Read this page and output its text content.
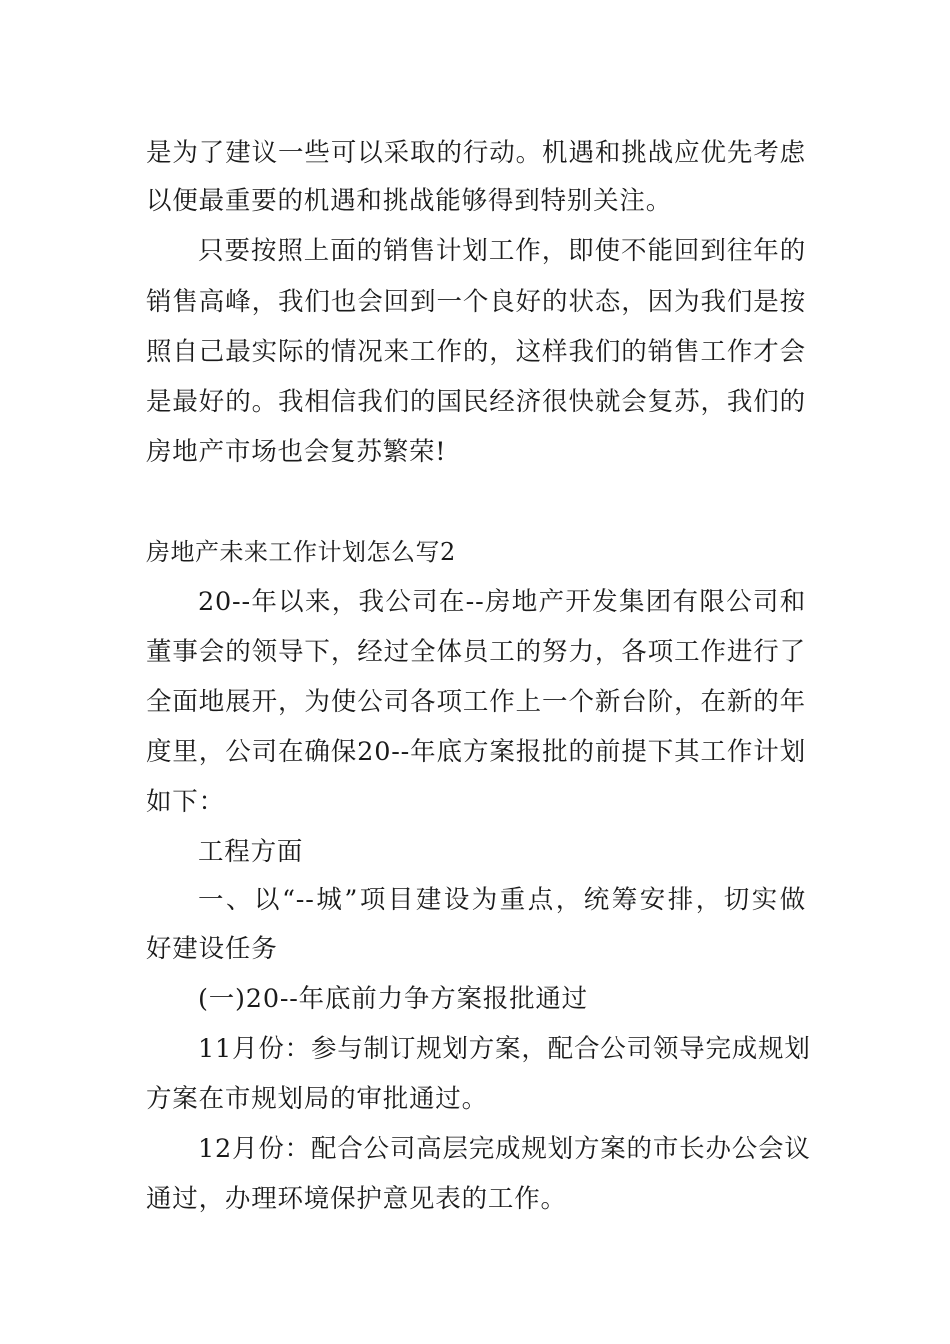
是为了建议一些可以采取的行动。机遇和挑战应优先考虑
以便最重要的机遇和挑战能够得到特别关注。
只要按照上面的销售计划工作，即使不能回到往年的
销售高峰，我们也会回到一个良好的状态，因为我们是按
照自己最实际的情况来工作的，这样我们的销售工作才会
是最好的。我相信我们的国民经济很快就会复苏，我们的
房地产市场也会复苏繁荣!
房地产未来工作计划怎么写2
20--年以来，我公司在--房地产开发集团有限公司和
董事会的领导下，经过全体员工的努力，各项工作进行了
全面地展开，为使公司各项工作上一个新台阶，在新的年
度里，公司在确保20--年底方案报批的前提下其工作计划
如下：
工程方面
一、以“--城”项目建设为重点，统筹安排，切实做
好建设任务
(一)20--年底前力争方案报批通过
11月份：参与制订规划方案，配合公司领导完成规划
方案在市规划局的审批通过。
12月份：配合公司高层完成规划方案的市长办公会议
通过，办理环境保护意见表的工作。
